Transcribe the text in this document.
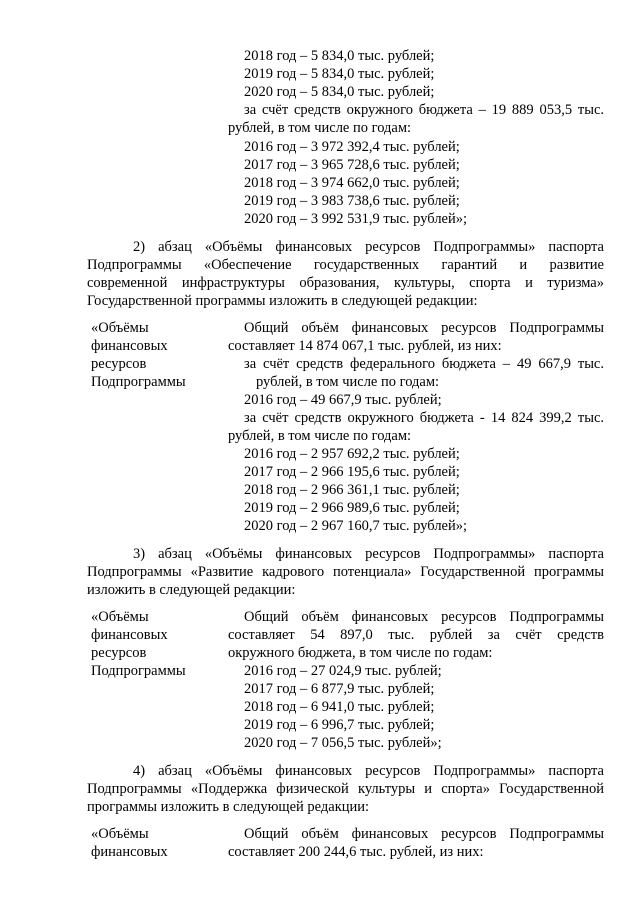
2018 год – 5 834,0 тыс. рублей;
2019 год – 5 834,0 тыс. рублей;
2020 год – 5 834,0 тыс. рублей;
за счёт средств окружного бюджета – 19 889 053,5 тыс.
рублей, в том числе по годам:
2016 год – 3 972 392,4 тыс. рублей;
2017 год – 3 965 728,6 тыс. рублей;
2018 год – 3 974 662,0 тыс. рублей;
2019 год – 3 983 738,6 тыс. рублей;
2020 год – 3 992 531,9 тыс. рублей»;
2) абзац «Объёмы финансовых ресурсов Подпрограммы» паспорта
Подпрограммы «Обеспечение государственных гарантий и развитие
современной инфраструктуры образования, культуры, спорта и туризма»
Государственной программы изложить в следующей редакции:
«Объёмы
финансовых
ресурсов
Подпрограммы
Общий объём финансовых ресурсов Подпрограммы
составляет 14 874 067,1 тыс. рублей, из них:
за счёт средств федерального бюджета – 49 667,9 тыс.
рублей, в том числе по годам:
2016 год – 49 667,9 тыс. рублей;
за счёт средств окружного бюджета - 14 824 399,2 тыс.
рублей, в том числе по годам:
2016 год – 2 957 692,2 тыс. рублей;
2017 год – 2 966 195,6 тыс. рублей;
2018 год – 2 966 361,1 тыс. рублей;
2019 год – 2 966 989,6 тыс. рублей;
2020 год – 2 967 160,7 тыс. рублей»;
3) абзац «Объёмы финансовых ресурсов Подпрограммы» паспорта
Подпрограммы «Развитие кадрового потенциала» Государственной программы
изложить в следующей редакции:
«Объёмы
финансовых
ресурсов
Подпрограммы
Общий объём финансовых ресурсов Подпрограммы
составляет 54 897,0 тыс. рублей за счёт средств
окружного бюджета, в том числе по годам:
2016 год – 27 024,9 тыс. рублей;
2017 год – 6 877,9 тыс. рублей;
2018 год – 6 941,0 тыс. рублей;
2019 год – 6 996,7 тыс. рублей;
2020 год – 7 056,5 тыс. рублей»;
4) абзац «Объёмы финансовых ресурсов Подпрограммы» паспорта
Подпрограммы «Поддержка физической культуры и спорта» Государственной
программы изложить в следующей редакции:
«Объёмы
финансовых
Общий объём финансовых ресурсов Подпрограммы
составляет 200 244,6 тыс. рублей, из них:
